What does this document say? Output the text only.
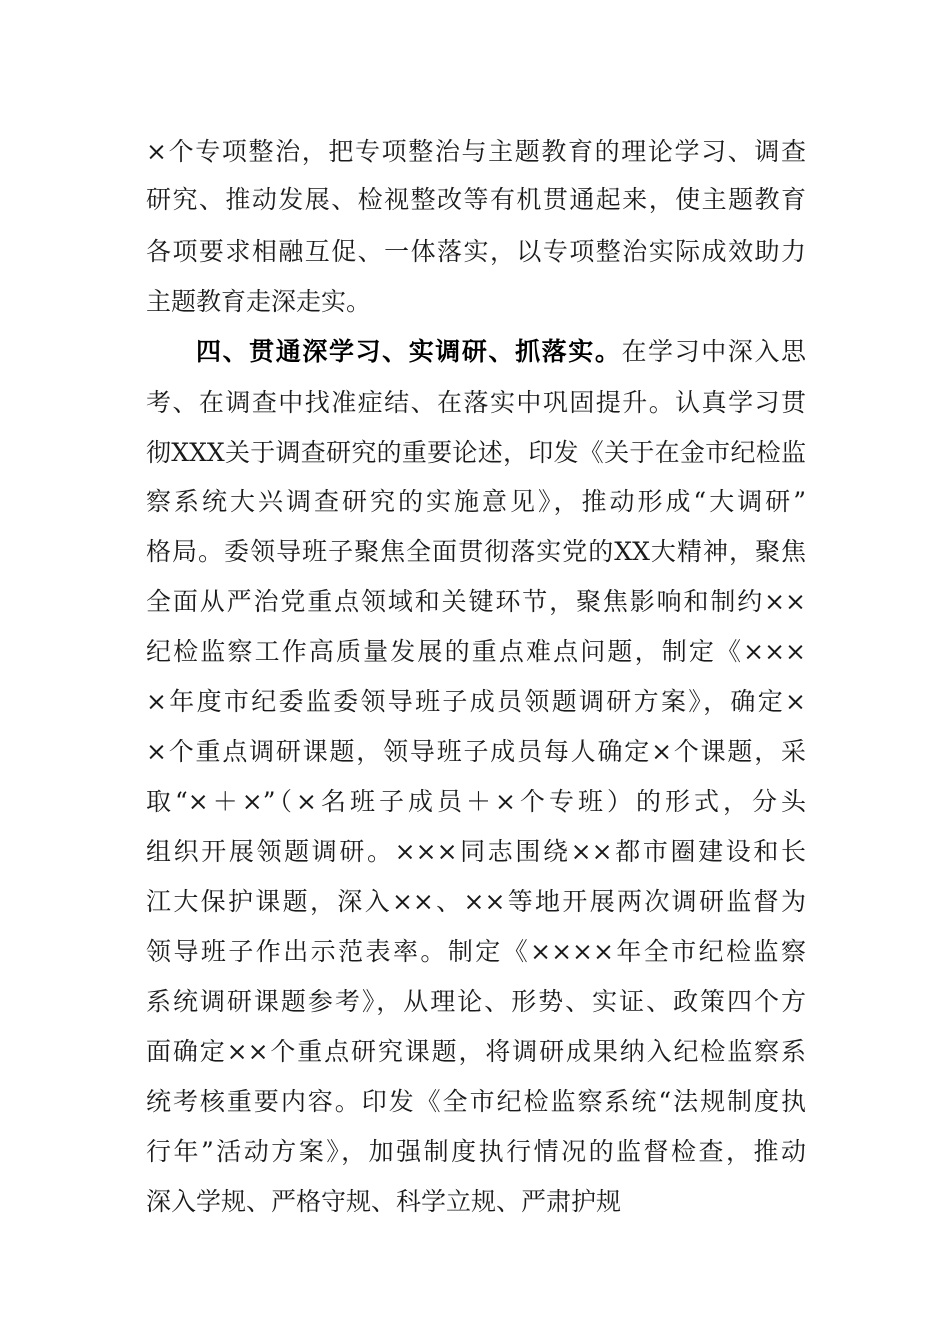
×个专项整治，把专项整治与主题教育的理论学习、调查
研究、推动发展、检视整改等有机贯通起来，使主题教育
各项要求相融互促、一体落实，以专项整治实际成效助力
主题教育走深走实。
四、贯通深学习、实调研、抓落实。在学习中深入思
考、在调查中找准症结、在落实中巩固提升。认真学习贯
彻XXX关于调查研究的重要论述，印发《关于在金市纪检监
察系统大兴调查研究的实施意见》，推动形成“大调研”
格局。委领导班子聚焦全面贯彻落实党的XX大精神，聚焦
全面从严治党重点领域和关键环节，聚焦影响和制约××
纪检监察工作高质量发展的重点难点问题，制定《×××
×年度市纪委监委领导班子成员领题调研方案》，确定×
×个重点调研课题，领导班子成员每人确定×个课题，采
取“×＋×”（×名班子成员＋×个专班）的形式，分头
组织开展领题调研。×××同志围绕××都市圈建设和长
江大保护课题，深入××、××等地开展两次调研监督为
领导班子作出示范表率。制定《××××年全市纪检监察
系统调研课题参考》，从理论、形势、实证、政策四个方
面确定××个重点研究课题，将调研成果纳入纪检监察系
统考核重要内容。印发《全市纪检监察系统“法规制度执
行年”活动方案》，加强制度执行情况的监督检查，推动
深入学规、严格守规、科学立规、严肃护规
